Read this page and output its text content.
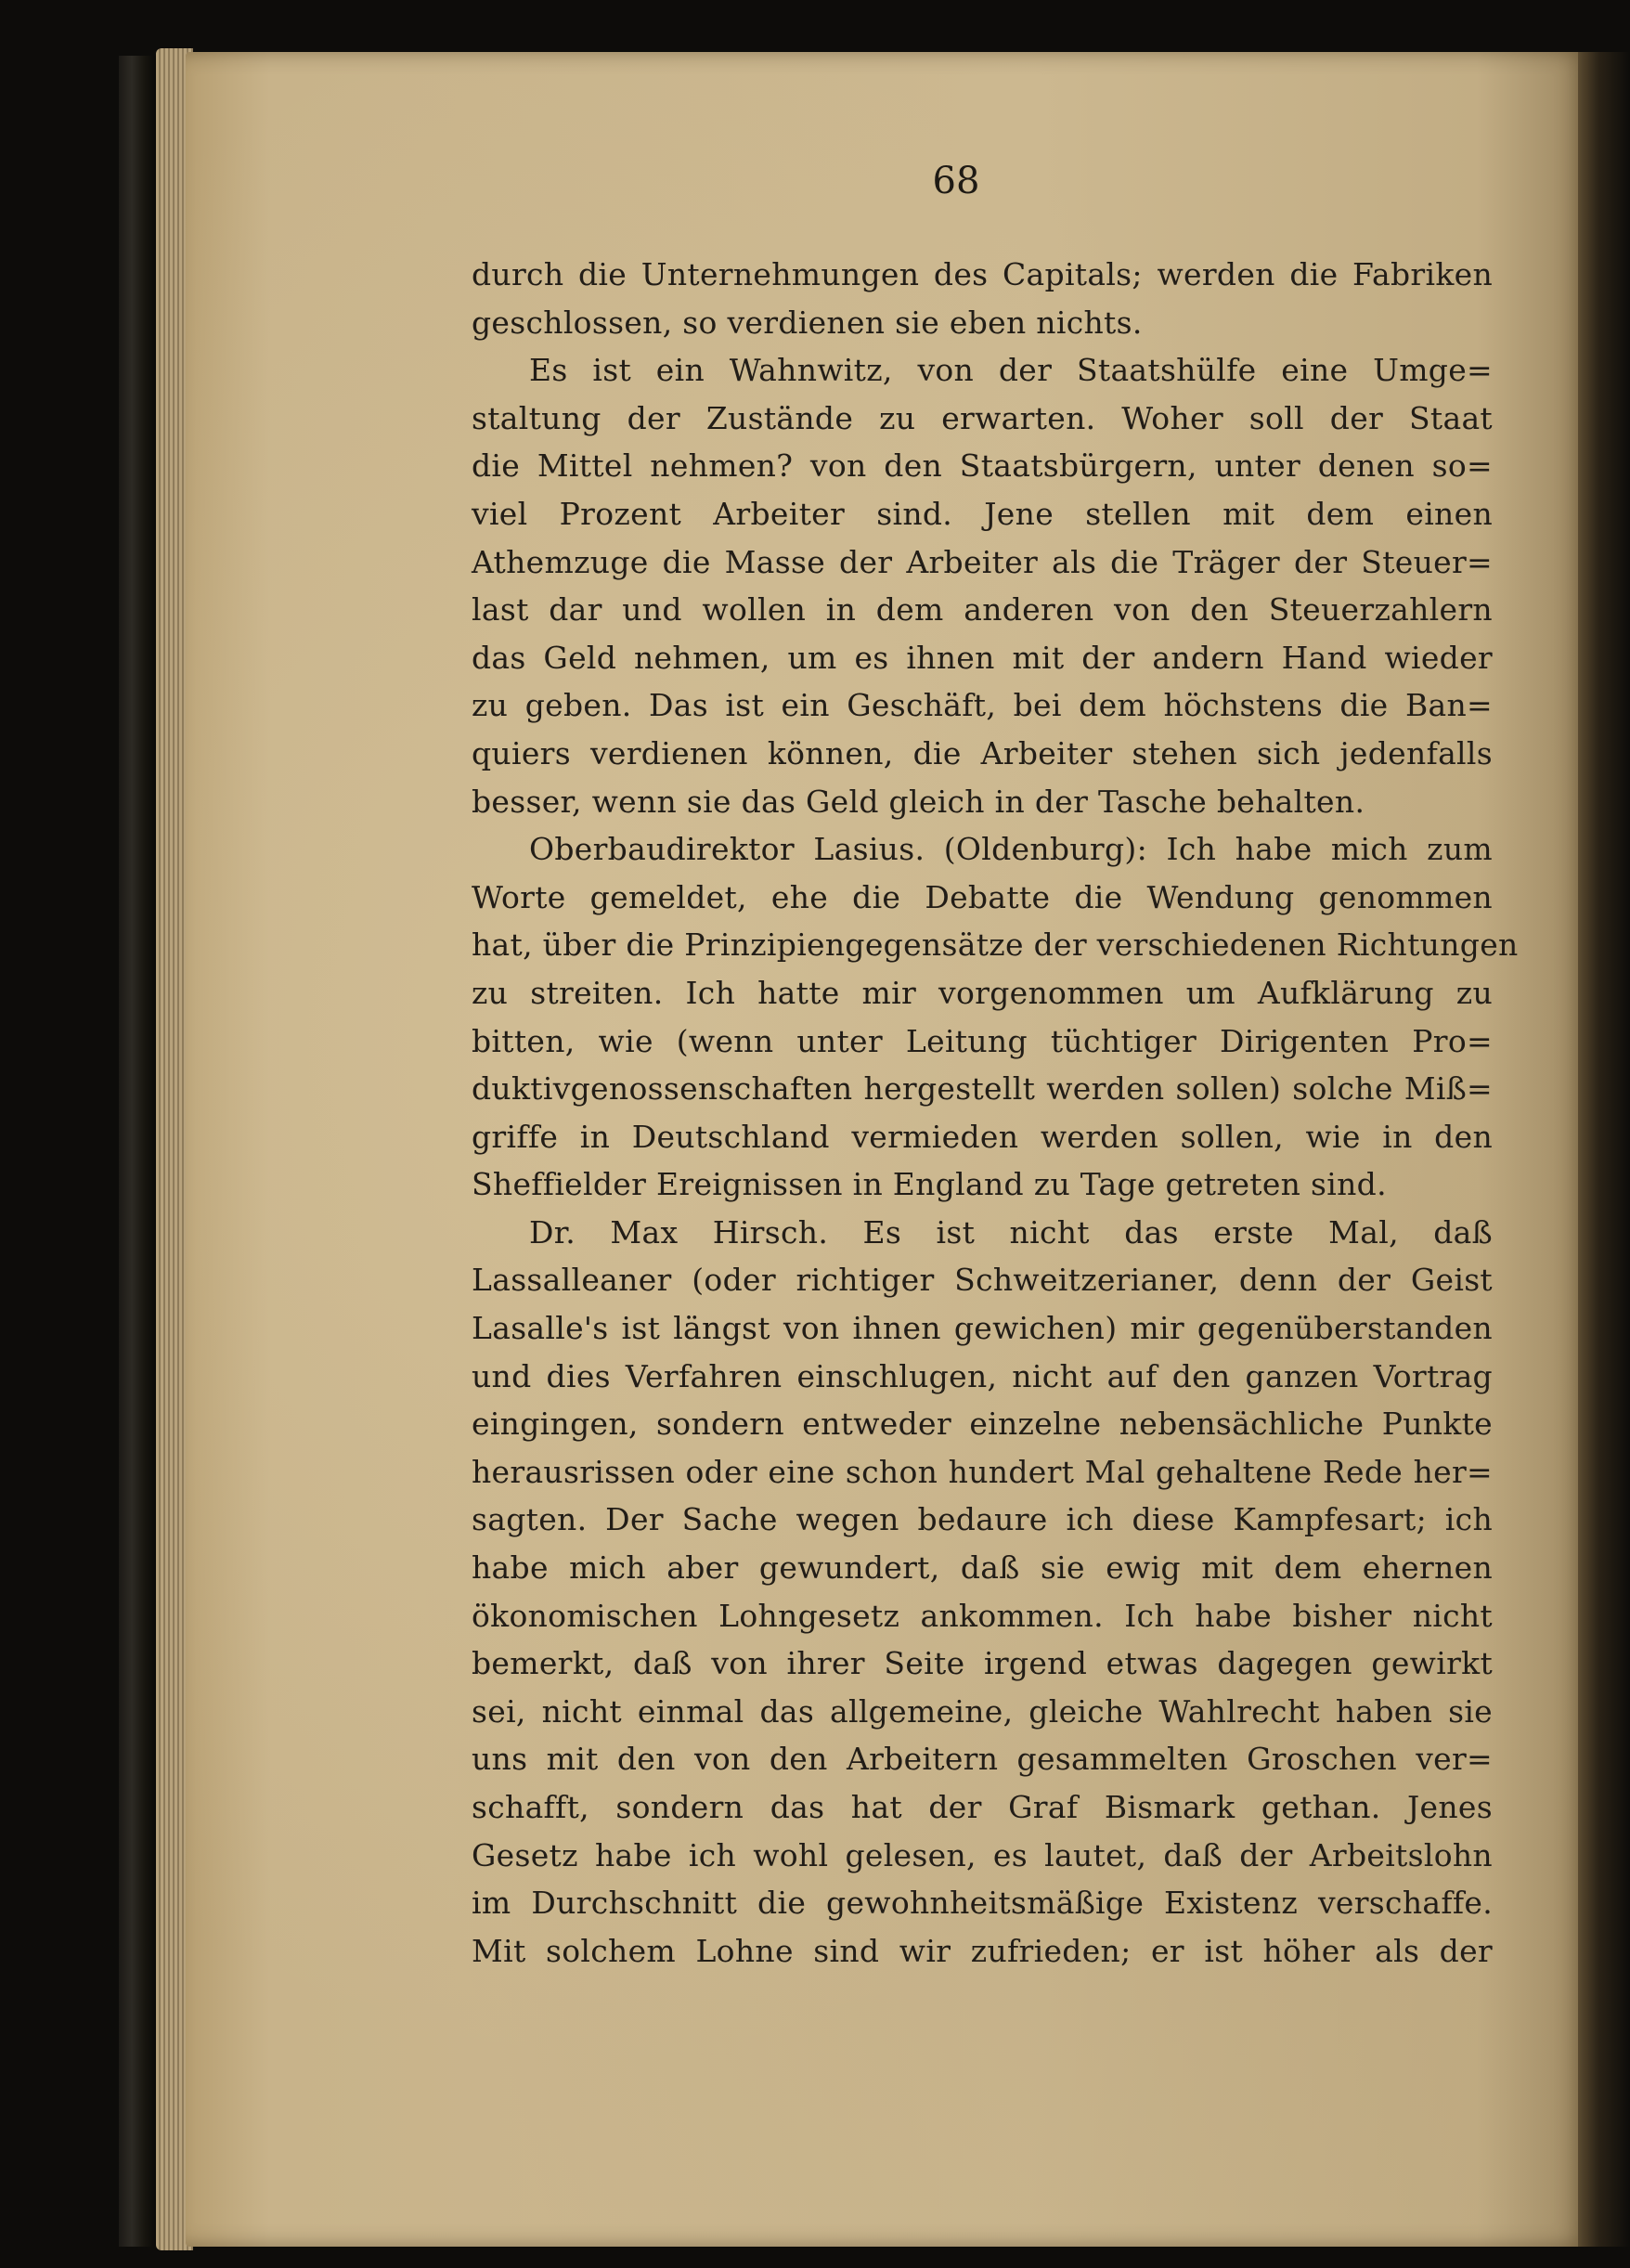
68
durch die Unternehmungen des Capitals; werden die Fabriken
geschlossen, so verdienen sie eben nichts.
Es ist ein Wahnwitz, von der Staatshülfe eine Umge=
staltung der Zustände zu erwarten. Woher soll der Staat
die Mittel nehmen? von den Staatsbürgern, unter denen so=
viel Prozent Arbeiter sind. Jene stellen mit dem einen
Athemzuge die Masse der Arbeiter als die Träger der Steuer=
last dar und wollen in dem anderen von den Steuerzahlern
das Geld nehmen, um es ihnen mit der andern Hand wieder
zu geben. Das ist ein Geschäft, bei dem höchstens die Ban=
quiers verdienen können, die Arbeiter stehen sich jedenfalls
besser, wenn sie das Geld gleich in der Tasche behalten.
Oberbaudirektor Lasius. (Oldenburg): Ich habe mich zum
Worte gemeldet, ehe die Debatte die Wendung genommen
hat, über die Prinzipiengegensätze der verschiedenen Richtungen
zu streiten. Ich hatte mir vorgenommen um Aufklärung zu
bitten, wie (wenn unter Leitung tüchtiger Dirigenten Pro=
duktivgenossenschaften hergestellt werden sollen) solche Miß=
griffe in Deutschland vermieden werden sollen, wie in den
Sheffielder Ereignissen in England zu Tage getreten sind.
Dr. Max Hirsch. Es ist nicht das erste Mal, daß
Lassalleaner (oder richtiger Schweitzerianer, denn der Geist
Lasalle's ist längst von ihnen gewichen) mir gegenüberstanden
und dies Verfahren einschlugen, nicht auf den ganzen Vortrag
eingingen, sondern entweder einzelne nebensächliche Punkte
herausrissen oder eine schon hundert Mal gehaltene Rede her=
sagten. Der Sache wegen bedaure ich diese Kampfesart; ich
habe mich aber gewundert, daß sie ewig mit dem ehernen
ökonomischen Lohngesetz ankommen. Ich habe bisher nicht
bemerkt, daß von ihrer Seite irgend etwas dagegen gewirkt
sei, nicht einmal das allgemeine, gleiche Wahlrecht haben sie
uns mit den von den Arbeitern gesammelten Groschen ver=
schafft, sondern das hat der Graf Bismark gethan. Jenes
Gesetz habe ich wohl gelesen, es lautet, daß der Arbeitslohn
im Durchschnitt die gewohnheitsmäßige Existenz verschaffe.
Mit solchem Lohne sind wir zufrieden; er ist höher als der
